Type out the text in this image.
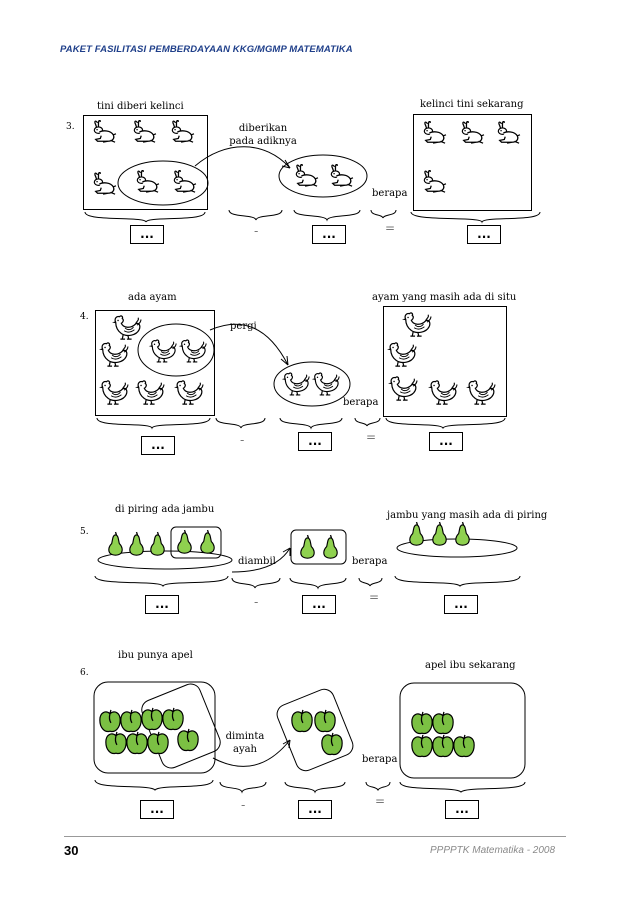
PAKET FASILITASI PEMBERDAYAAN KKG/MGMP MATEMATIKA
3.
tini diberi kelinci
diberikan pada adiknya
berapa
kelinci tini sekarang
...	-	...	=	...
4.
ada ayam
pergi
berapa
ayam yang masih ada di situ
...	-	...	=	...
5.
di piring ada jambu
diambil	berapa
jambu yang masih ada di piring
...	-	...	=	...
6.
ibu punya apel
diminta ayah
berapa
apel ibu sekarang
...	-	...
=
...
30	PPPPTK Matematika - 2008
